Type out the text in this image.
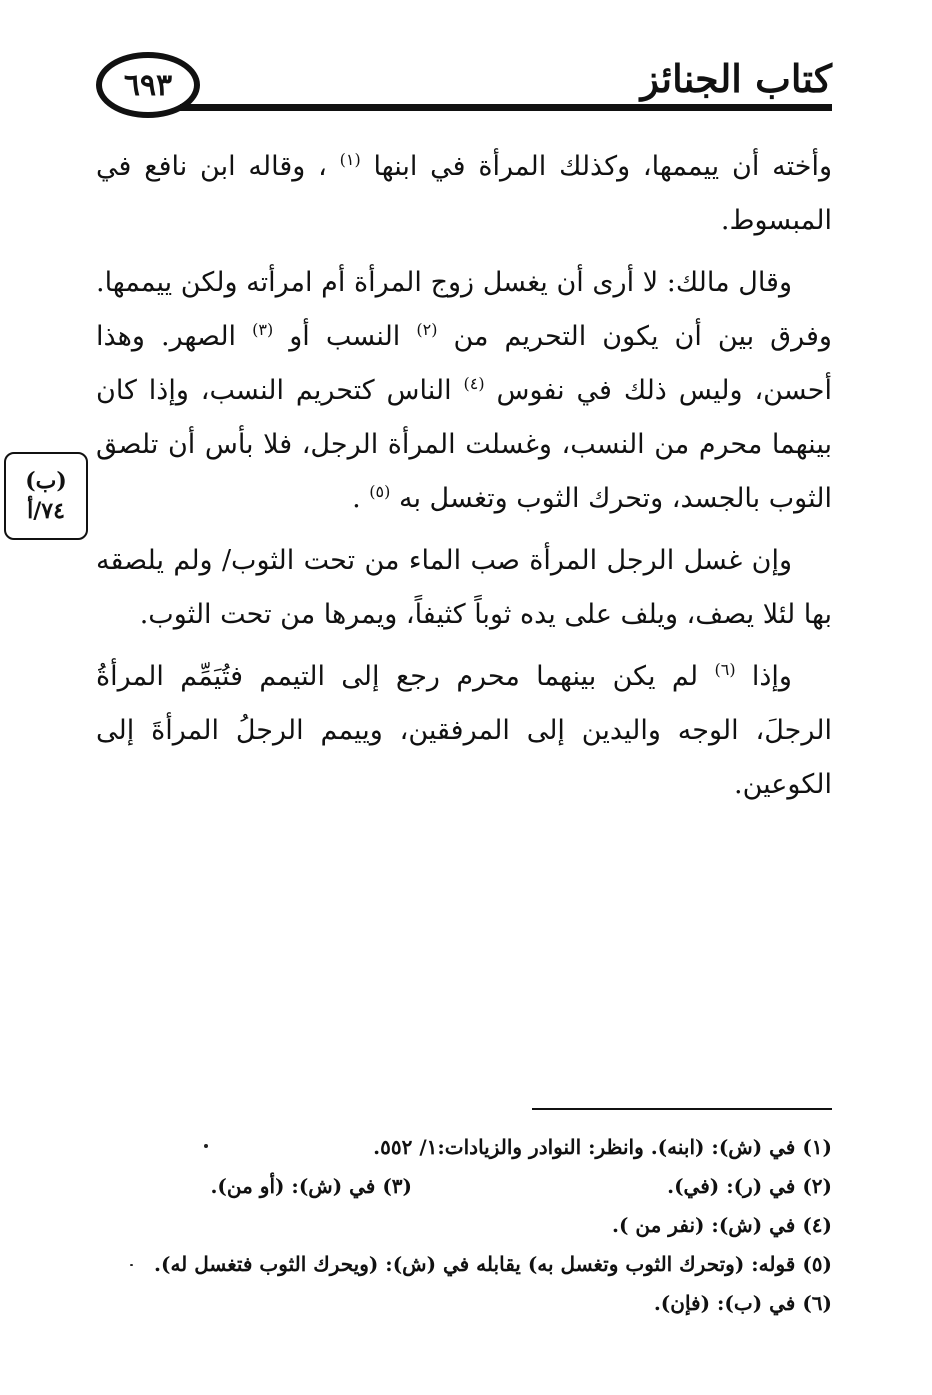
كتاب الجنائز
٦٩٣
(ب)
٧٤/أ

وأخته أن ييممها، وكذلك المرأة في ابنها $^{(١)}$ ، وقاله ابن نافع في المبسوط.

وقال مالك: لا أرى أن يغسل زوج المرأة أم امرأته ولكن ييممها. وفرق بين أن يكون التحريم من $^{(٢)}$ النسب أو $^{(٣)}$ الصهر. وهذا أحسن، وليس ذلك في نفوس $^{(٤)}$ الناس كتحريم النسب، وإذا كان بينهما محرم من النسب، وغسلت المرأة الرجل، فلا بأس أن تلصق الثوب بالجسد، وتحرك الثوب وتغسل به $^{(٥)}$ .

وإن غسل الرجل المرأة صب الماء من تحت الثوب/ ولم يلصقه بها لئلا يصف، ويلف على يده ثوباً كثيفاً، ويمرها من تحت الثوب.

وإذا $^{(٦)}$ لم يكن بينهما محرم رجع إلى التيمم فتُيَمِّم المرأةُ الرجلَ، الوجه واليدين إلى المرفقين، وييمم الرجلُ المرأةَ إلى الكوعين.

(١) في (ش): (ابنه). وانظر: النوادر والزيادات:١/ ٥٥٢.
(٢) في (ر): (في).
(٣) في (ش): (أو من).
(٤) في (ش): (نفر من ).
(٥) قوله: (وتحرك الثوب وتغسل به) يقابله في (ش): (ويحرك الثوب فتغسل له).
(٦) في (ب): (فإن).
